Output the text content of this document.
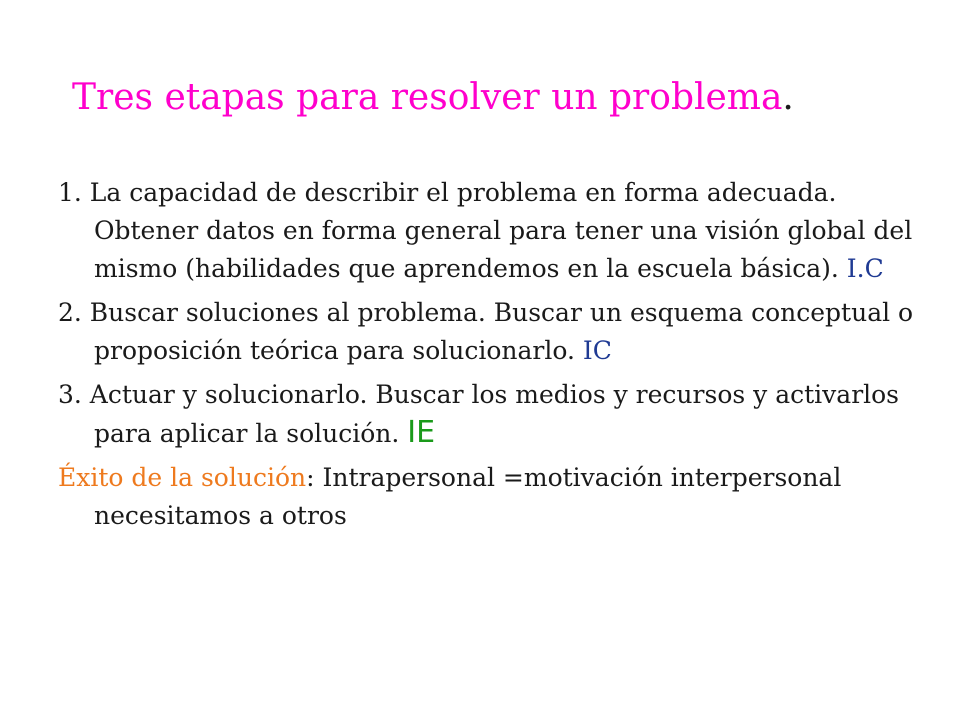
Tres etapas para resolver un problema.

1. La capacidad de describir el problema en forma adecuada. Obtener datos en forma general para tener una visión global del mismo (habilidades que aprendemos en la escuela básica). I.C

2. Buscar soluciones al problema. Buscar un esquema conceptual o proposición teórica para solucionarlo. IC

3. Actuar y solucionarlo. Buscar los medios y recursos y activarlos para aplicar la solución. IE

Éxito de la solución: Intrapersonal =motivación interpersonal necesitamos a otros
